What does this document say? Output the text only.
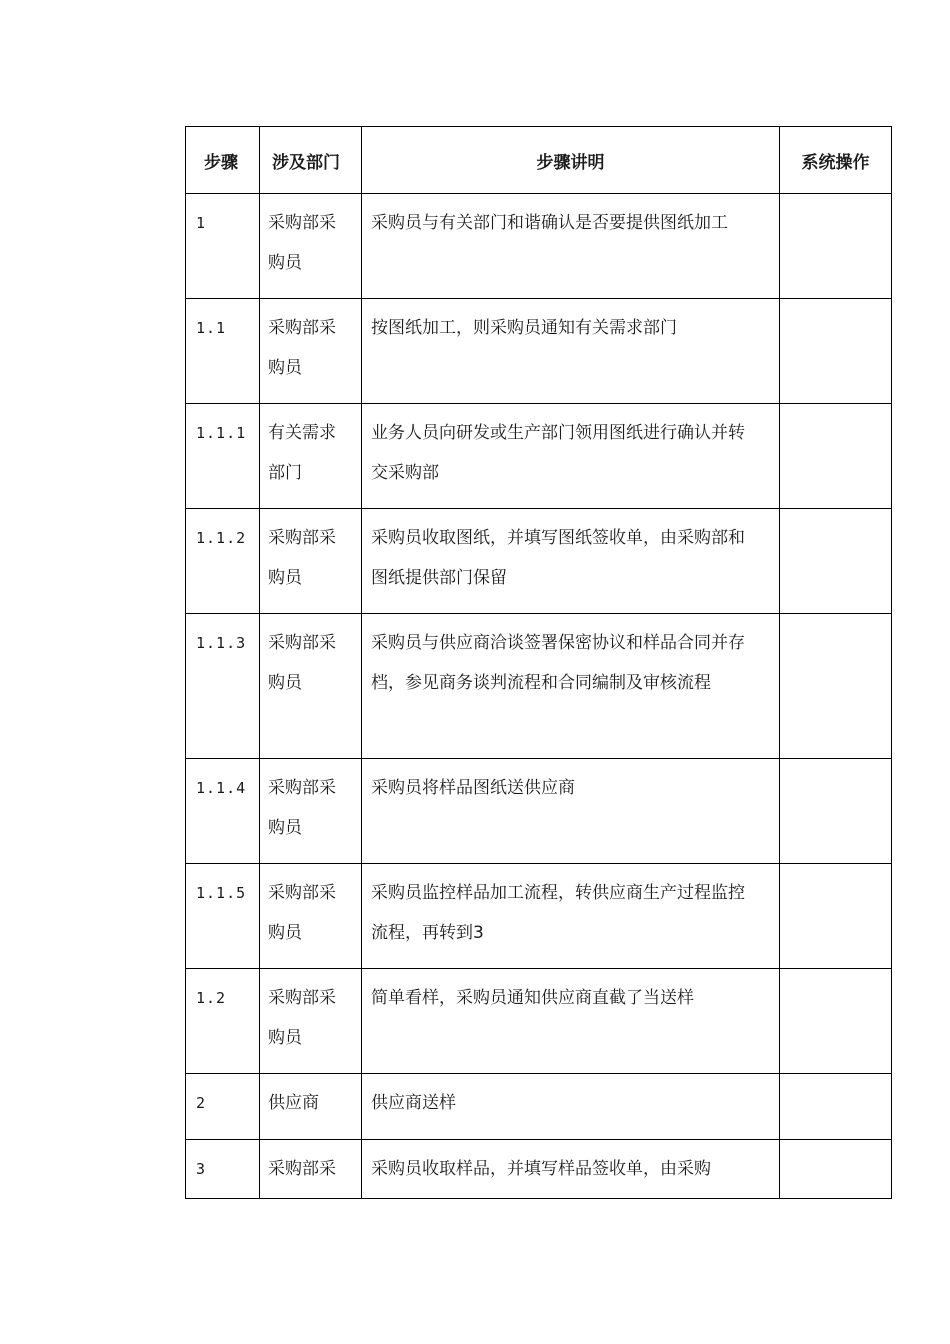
步骤	涉及部门	步骤讲明	系统操作

1	采购部采购员	采购员与有关部门和谐确认是否要提供图纸加工	

1.1	采购部采购员	按图纸加工，则采购员通知有关需求部门	

1.1.1	有关需求部门	业务人员向研发或生产部门领用图纸进行确认并转交采购部	

1.1.2	采购部采购员	采购员收取图纸，并填写图纸签收单，由采购部和图纸提供部门保留	

1.1.3	采购部采购员	采购员与供应商洽谈签署保密协议和样品合同并存档，参见商务谈判流程和合同编制及审核流程	

1.1.4	采购部采购员	采购员将样品图纸送供应商	

1.1.5	采购部采购员	采购员监控样品加工流程，转供应商生产过程监控流程，再转到3	

1.2	采购部采购员	简单看样，采购员通知供应商直截了当送样	

2	供应商	供应商送样	

3	采购部采	采购员收取样品，并填写样品签收单，由采购	
